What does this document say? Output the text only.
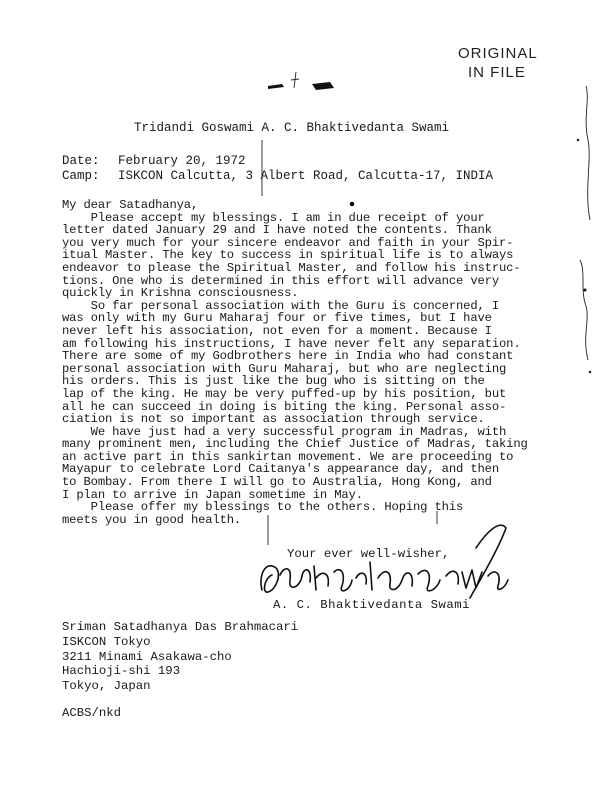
ORIGINAL
IN FILE
Tridandi Goswami A. C. Bhaktivedanta Swami
Date: February 20, 1972
Camp: ISKCON Calcutta, 3 Albert Road, Calcutta-17, INDIA
My dear Satadhanya,
Please accept my blessings. I am in due receipt of your
letter dated January 29 and I have noted the contents. Thank
you very much for your sincere endeavor and faith in your Spir-
itual Master. The key to success in spiritual life is to always
endeavor to please the Spiritual Master, and follow his instruc-
tions. One who is determined in this effort will advance very
quickly in Krishna consciousness.
So far personal association with the Guru is concerned, I
was only with my Guru Maharaj four or five times, but I have
never left his association, not even for a moment. Because I
am following his instructions, I have never felt any separation.
There are some of my Godbrothers here in India who had constant
personal association with Guru Maharaj, but who are neglecting
his orders. This is just like the bug who is sitting on the
lap of the king. He may be very puffed-up by his position, but
all he can succeed in doing is biting the king. Personal asso-
ciation is not so important as association through service.
We have just had a very successful program in Madras, with
many prominent men, including the Chief Justice of Madras, taking
an active part in this sankirtan movement. We are proceeding to
Mayapur to celebrate Lord Caitanya's appearance day, and then
to Bombay. From there I will go to Australia, Hong Kong, and
I plan to arrive in Japan sometime in May.
Please offer my blessings to the others. Hoping this
meets you in good health.
Your ever well-wisher,
A. C. Bhaktivedanta Swami
Sriman Satadhanya Das Brahmacari
ISKCON Tokyo
3211 Minami Asakawa-cho
Hachioji-shi 193
Tokyo, Japan
ACBS/nkd
